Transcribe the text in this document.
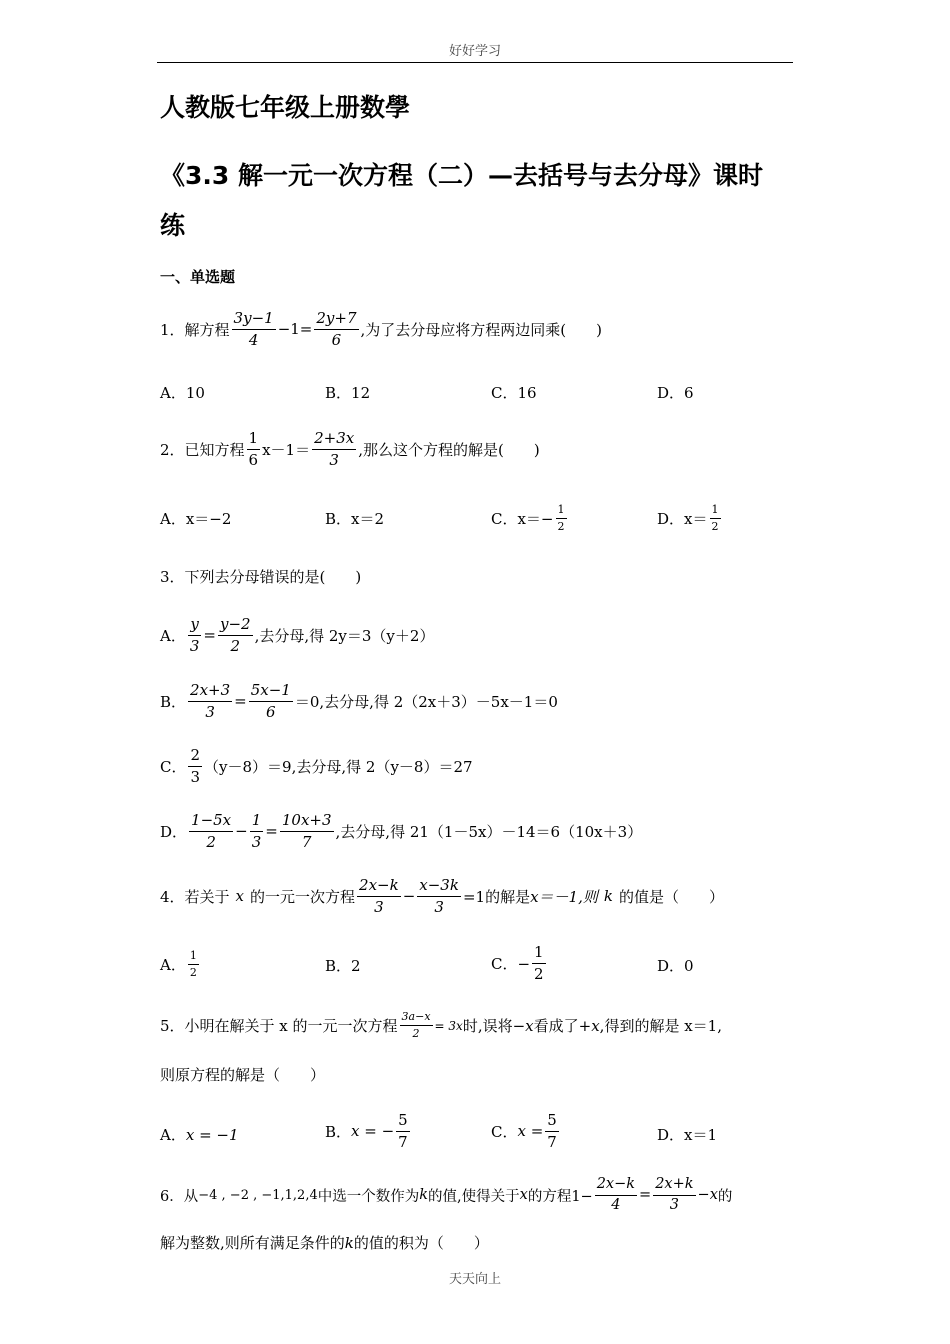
好好学习
人教版七年级上册数學
《3.3 解一元一次方程（二）—去括号与去分母》课时
练
一、单选题
1．解方程 $\frac{3y-1}{4} -1= \frac{2y+7}{6}$ ,为了去分母应将方程两边同乘(　　)
A．10	B．12	C．16	D．6
2．已知方程 $\frac{1}{6} x-1= \frac{2+3x}{3}$ ,那么这个方程的解是(　　)
A．x＝−2	B．x＝2	C．$x=- \frac{1}{2}$	D．$x= \frac{1}{2}$
3．下列去分母错误的是(　　)
A． $\frac{y}{3} = \frac{y-2}{2}$ ,去分母,得 2y＝3（y＋2）
B． $\frac{2x+3}{3} = \frac{5x-1}{6} =0$,去分母,得 2（2x＋3）－5x－1＝0
C． $\frac{2}{3} (y-8)=9$,去分母,得 2（y－8）＝27
D． $\frac{1-5x}{2} - \frac{1}{3} = \frac{10x+3}{7}$ ,去分母,得 21（1－5x）－14＝6（10x＋3）
4．若关于 x 的一元一次方程 $\frac{2x-k}{3} - \frac{x-3k}{3} =1$的解是 x＝－1,则 k 的值是（　　）
A． $\frac{1}{2}$	B．2	C．− $\frac{1}{2}$	D．0
5．小明在解关于 x 的一元一次方程 $\frac{3a-x}{2} = 3x$ 时,误将 −x 看成了 +x ,得到的解是 x＝1,
则原方程的解是（　　）
A． x = −1	B． x = − $\frac{5}{7}$	C． $x = \frac{5}{7}$	D．x＝1
6．从 −4 , −2 , −1,1,2,4 中选一个数作为 k 的值,使得关于 x 的方程$1- \frac{2x-k}{4} = \frac{2x+k}{3} -x$ 的
解为整数,则所有满足条件的 k 的值的积为（　　）
天天向上
